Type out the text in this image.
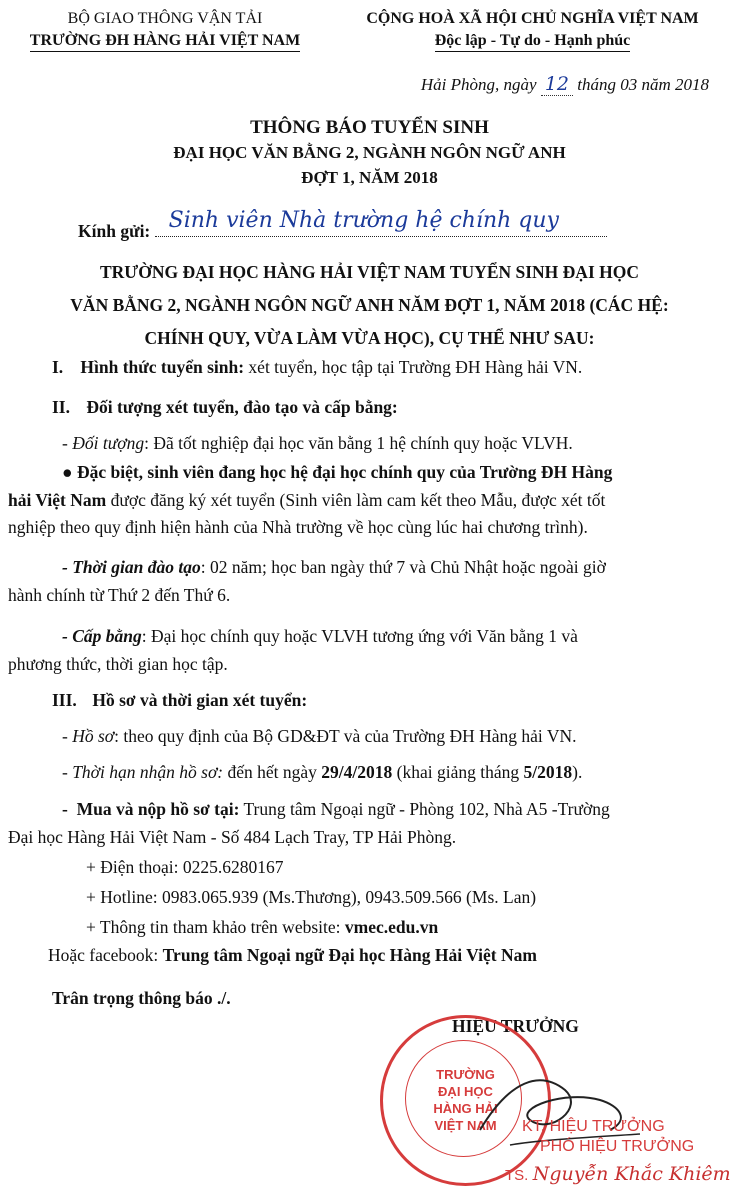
BỘ GIAO THÔNG VẬN TẢI
TRƯỜNG ĐH HÀNG HẢI VIỆT NAM
CỘNG HOÀ XÃ HỘI CHỦ NGHĨA VIỆT NAM
Độc lập - Tự do - Hạnh phúc
Hải Phòng, ngày 12 tháng 03 năm 2018
THÔNG BÁO TUYỂN SINH
ĐẠI HỌC VĂN BẰNG 2, NGÀNH NGÔN NGỮ ANH
ĐỢT 1, NĂM 2018
Kính gửi: Sinh viên Nhà trường hệ chính quy
TRƯỜNG ĐẠI HỌC HÀNG HẢI VIỆT NAM TUYỂN SINH ĐẠI HỌC
VĂN BẰNG 2, NGÀNH NGÔN NGỮ ANH NĂM ĐỢT 1, NĂM 2018 (CÁC HỆ:
CHÍNH QUY, VỪA LÀM VỪA HỌC), CỤ THỂ NHƯ SAU:
I. Hình thức tuyển sinh: xét tuyển, học tập tại Trường ĐH Hàng hải VN.
II. Đối tượng xét tuyển, đào tạo và cấp bằng:
- Đối tượng: Đã tốt nghiệp đại học văn bằng 1 hệ chính quy hoặc VLVH.
● Đặc biệt, sinh viên đang học hệ đại học chính quy của Trường ĐH Hàng
hải Việt Nam được đăng ký xét tuyển (Sinh viên làm cam kết theo Mẫu, được xét tốt
nghiệp theo quy định hiện hành của Nhà trường về học cùng lúc hai chương trình).
- Thời gian đào tạo: 02 năm; học ban ngày thứ 7 và Chủ Nhật hoặc ngoài giờ
hành chính từ Thứ 2 đến Thứ 6.
- Cấp bằng: Đại học chính quy hoặc VLVH tương ứng với Văn bằng 1 và
phương thức, thời gian học tập.
III. Hồ sơ và thời gian xét tuyển:
- Hồ sơ: theo quy định của Bộ GD&ĐT và của Trường ĐH Hàng hải VN.
- Thời hạn nhận hồ sơ: đến hết ngày 29/4/2018 (khai giảng tháng 5/2018).
-  Mua và nộp hồ sơ tại: Trung tâm Ngoại ngữ - Phòng 102, Nhà A5 -Trường
Đại học Hàng Hải Việt Nam - Số 484 Lạch Tray, TP Hải Phòng.
+ Điện thoại: 0225.6280167
+ Hotline: 0983.065.939 (Ms.Thương), 0943.509.566 (Ms. Lan)
+ Thông tin tham khảo trên website: vmec.edu.vn
Hoặc facebook: Trung tâm Ngoại ngữ Đại học Hàng Hải Việt Nam
Trân trọng thông báo ./.
HIỆU TRƯỞNG
TRƯỜNG
ĐẠI HỌC
HÀNG HẢI
VIỆT NAM	KT. HIỆU TRƯỞNG
PHÓ HIỆU TRƯỞNG
TS. Nguyễn Khắc Khiêm
